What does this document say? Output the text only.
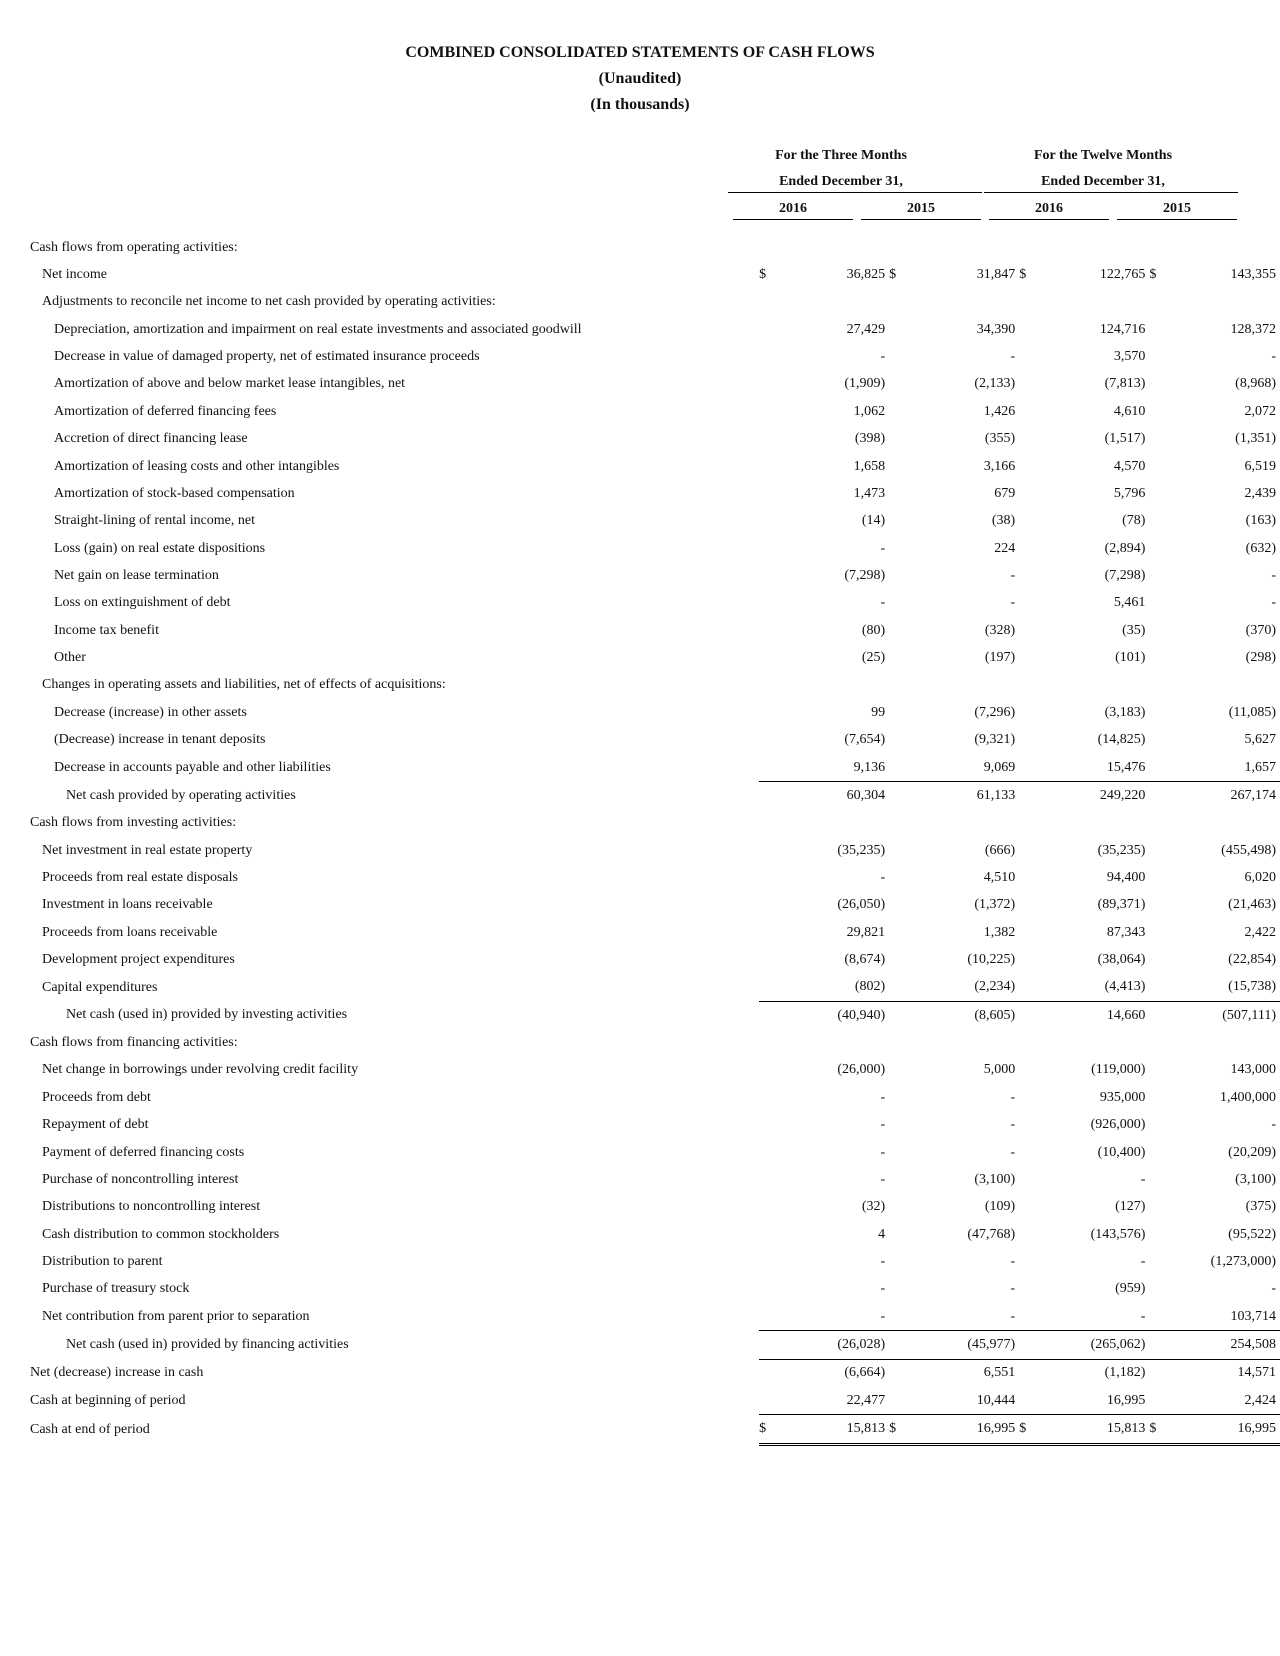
COMBINED CONSOLIDATED STATEMENTS OF CASH FLOWS
(Unaudited)
(In thousands)
For the Three Months
Ended December 31,
For the Twelve Months
Ended December 31,
2016	2015	2016	2015
Cash flows from operating activities:								
Net income	$	36,825	$	31,847	$	122,765	$	143,355
Adjustments to reconcile net income to net cash provided by operating activities:								
Depreciation, amortization and impairment on real estate investments and associated goodwill		27,429		34,390		124,716		128,372
Decrease in value of damaged property, net of estimated insurance proceeds		-		-		3,570		-
Amortization of above and below market lease intangibles, net		(1,909)		(2,133)		(7,813)		(8,968)
Amortization of deferred financing fees		1,062		1,426		4,610		2,072
Accretion of direct financing lease		(398)		(355)		(1,517)		(1,351)
Amortization of leasing costs and other intangibles		1,658		3,166		4,570		6,519
Amortization of stock-based compensation		1,473		679		5,796		2,439
Straight-lining of rental income, net		(14)		(38)		(78)		(163)
Loss (gain) on real estate dispositions		-		224		(2,894)		(632)
Net gain on lease termination		(7,298)		-		(7,298)		-
Loss on extinguishment of debt		-		-		5,461		-
Income tax benefit		(80)		(328)		(35)		(370)
Other		(25)		(197)		(101)		(298)
Changes in operating assets and liabilities, net of effects of acquisitions:								
Decrease (increase) in other assets		99		(7,296)		(3,183)		(11,085)
(Decrease) increase in tenant deposits		(7,654)		(9,321)		(14,825)		5,627
Decrease in accounts payable and other liabilities		9,136		9,069		15,476		1,657
Net cash provided by operating activities		60,304		61,133		249,220		267,174
Cash flows from investing activities:								
Net investment in real estate property		(35,235)		(666)		(35,235)		(455,498)
Proceeds from real estate disposals		-		4,510		94,400		6,020
Investment in loans receivable		(26,050)		(1,372)		(89,371)		(21,463)
Proceeds from loans receivable		29,821		1,382		87,343		2,422
Development project expenditures		(8,674)		(10,225)		(38,064)		(22,854)
Capital expenditures		(802)		(2,234)		(4,413)		(15,738)
Net cash (used in) provided by investing activities		(40,940)		(8,605)		14,660		(507,111)
Cash flows from financing activities:								
Net change in borrowings under revolving credit facility		(26,000)		5,000		(119,000)		143,000
Proceeds from debt		-		-		935,000		1,400,000
Repayment of debt		-		-		(926,000)		-
Payment of deferred financing costs		-		-		(10,400)		(20,209)
Purchase of noncontrolling interest		-		(3,100)		-		(3,100)
Distributions to noncontrolling interest		(32)		(109)		(127)		(375)
Cash distribution to common stockholders		4		(47,768)		(143,576)		(95,522)
Distribution to parent		-		-		-		(1,273,000)
Purchase of treasury stock		-		-		(959)		-
Net contribution from parent prior to separation		-		-		-		103,714
Net cash (used in) provided by financing activities		(26,028)		(45,977)		(265,062)		254,508
Net (decrease) increase in cash		(6,664)		6,551		(1,182)		14,571
Cash at beginning of period		22,477		10,444		16,995		2,424
Cash at end of period	$	15,813	$	16,995	$	15,813	$	16,995
